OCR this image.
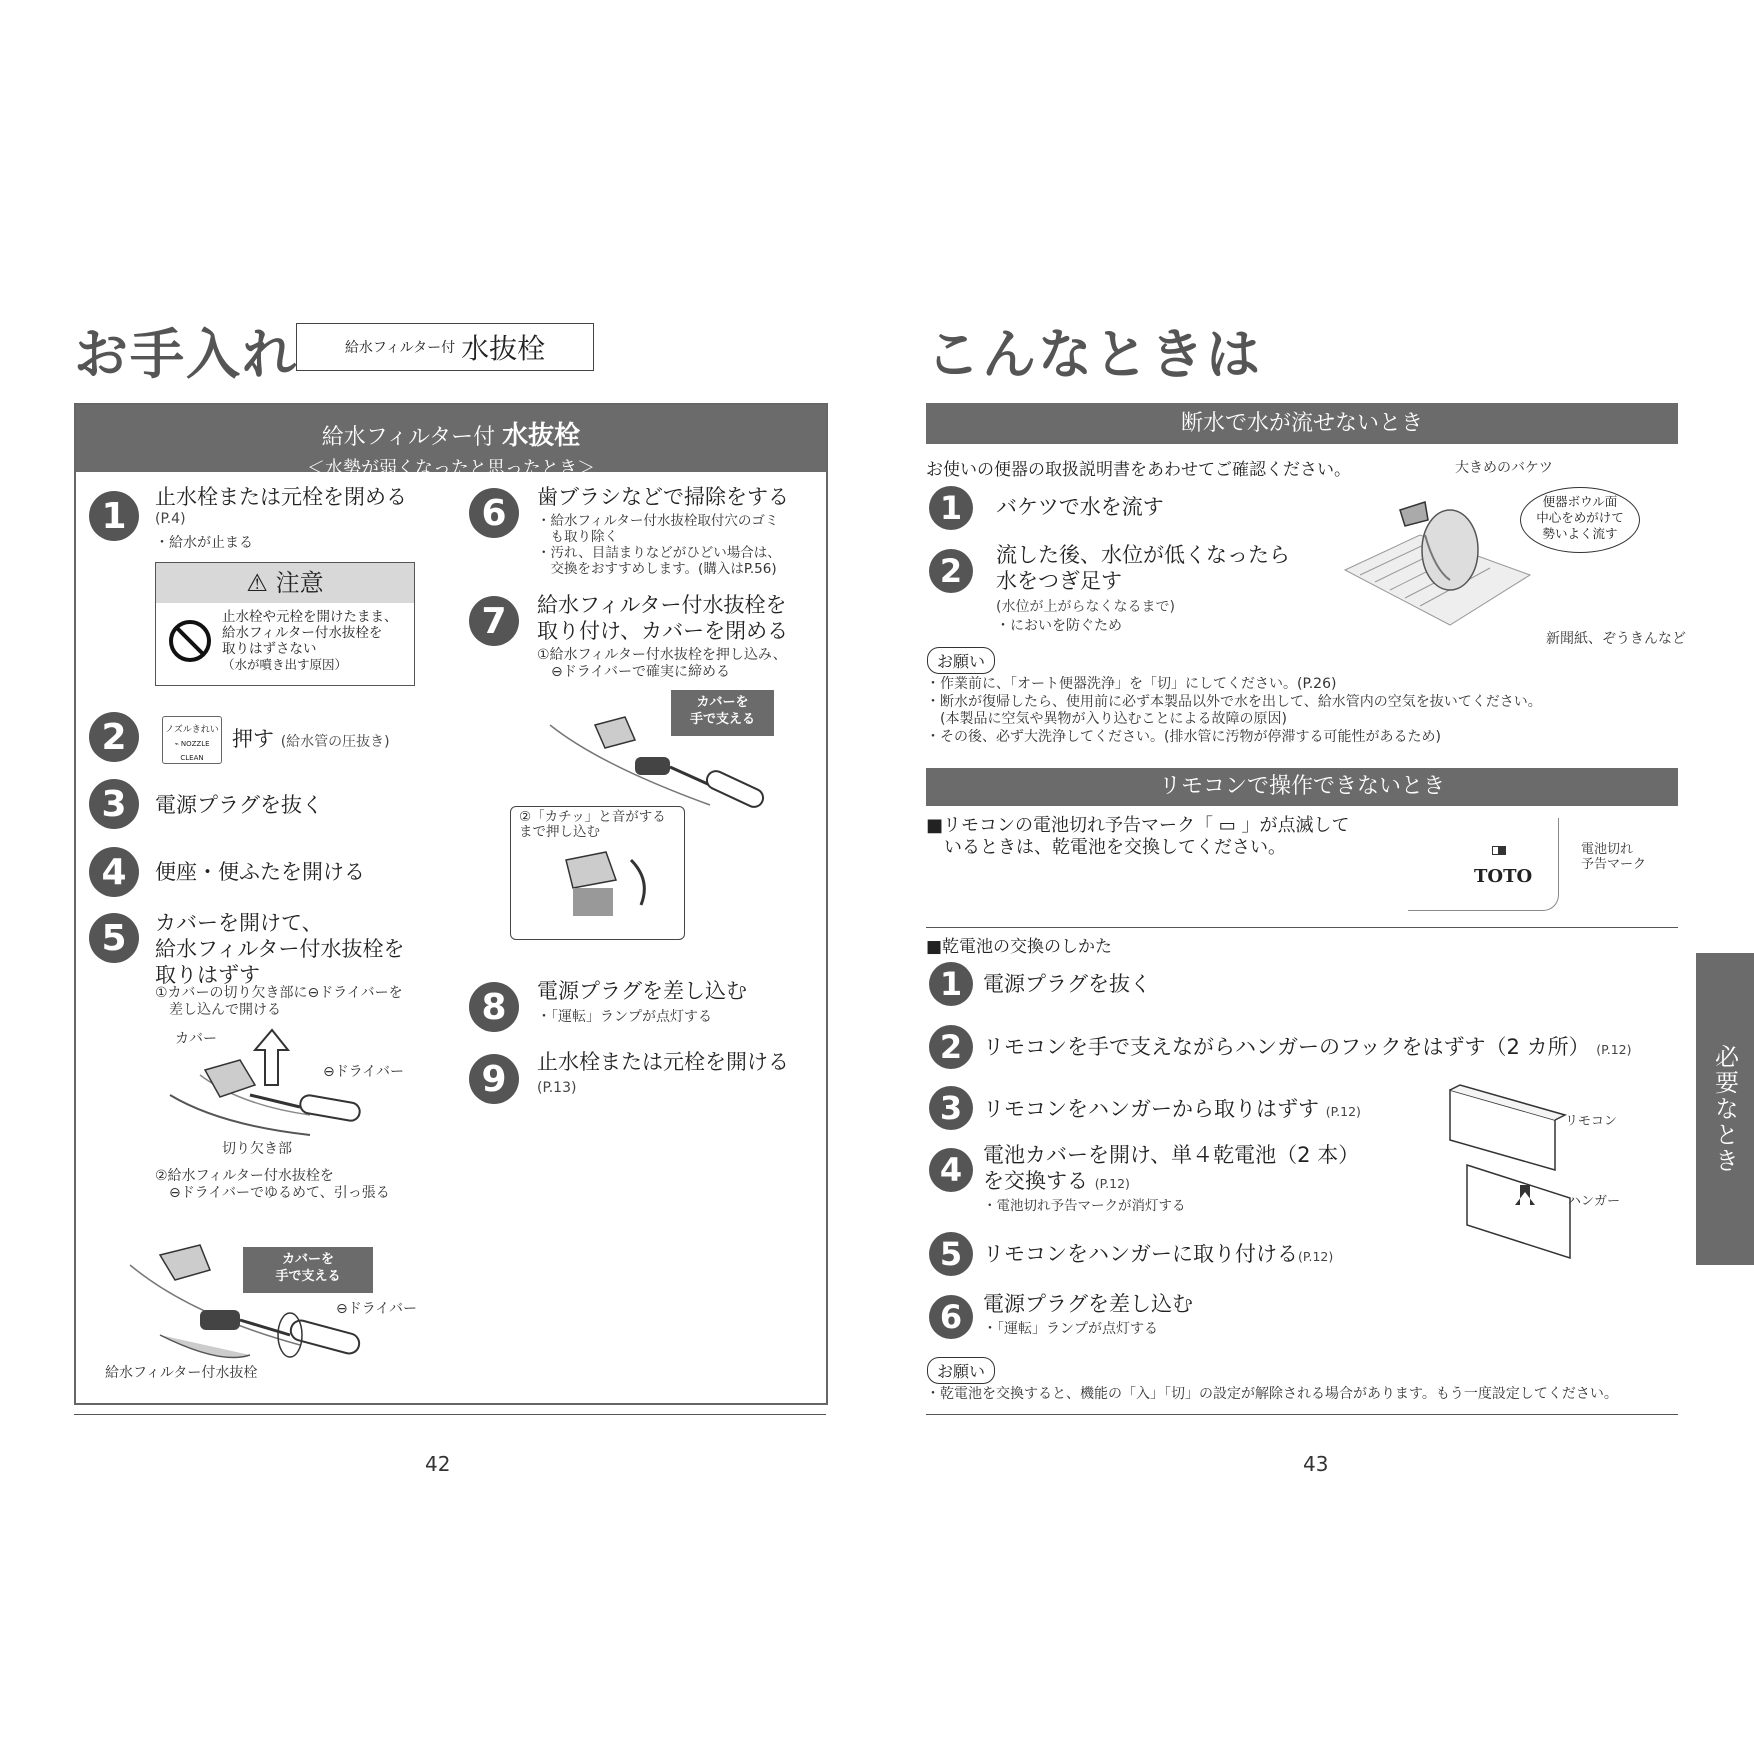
お手入れ	給水フィルター付 水抜栓
給水フィルター付 水抜栓
＜水勢が弱くなったと思ったとき＞
1	止水栓または元栓を閉める
(P.4)
・給水が止まる
⚠ 注意
止水栓や元栓を開けたまま、
給水フィルター付水抜栓を
取りはずさない
（水が噴き出す原因）
2	ノズルきれい
⌁ NOZZLE CLEAN
押す (給水管の圧抜き)
3	電源プラグを抜く
4	便座・便ふたを開ける
5	カバーを開けて、
給水フィルター付水抜栓を
取りはずす
①カバーの切り欠き部に⊖ドライバーを
　差し込んで開ける
カバー
⊖ドライバー
切り欠き部
②給水フィルター付水抜栓を
　⊖ドライバーでゆるめて、引っ張る
カバーを
手で支える
⊖ドライバー
給水フィルター付水抜栓
6	歯ブラシなどで掃除をする
・給水フィルター付水抜栓取付穴のゴミ
　も取り除く
・汚れ、目詰まりなどがひどい場合は、
　交換をおすすめします。(購入はP.56)
7	給水フィルター付水抜栓を
取り付け、カバーを閉める
①給水フィルター付水抜栓を押し込み、
　⊖ドライバーで確実に締める
カバーを
手で支える
②「カチッ」と音がする
まで押し込む
8	電源プラグを差し込む
・「運転」ランプが点灯する
9	止水栓または元栓を開ける
(P.13)
42
こんなときは
断水で水が流せないとき
お使いの便器の取扱説明書をあわせてご確認ください。
1	バケツで水を流す
2	流した後、水位が低くなったら
水をつぎ足す
(水位が上がらなくなるまで)
・においを防ぐため
大きめのバケツ
便器ボウル面
中心をめがけて
勢いよく流す
新聞紙、ぞうきんなど
お願い
・作業前に、「オート便器洗浄」を「切」にしてください。(P.26)
・断水が復帰したら、使用前に必ず本製品以外で水を出して、給水管内の空気を抜いてください。
　(本製品に空気や異物が入り込むことによる故障の原因)
・その後、必ず大洗浄してください。(排水管に汚物が停滞する可能性があるため)
リモコンで操作できないとき
■リモコンの電池切れ予告マーク「 ▭ 」が点滅して
　いるときは、乾電池を交換してください。
TOTO
電池切れ
予告マーク
■乾電池の交換のしかた
1 電源プラグを抜く
2 リモコンを手で支えながらハンガーのフックをはずす（2 カ所） (P.12)
3 リモコンをハンガーから取りはずす (P.12)
4 電池カバーを開け、単４乾電池（2 本）
を交換する (P.12)
・電池切れ予告マークが消灯する
5 リモコンをハンガーに取り付ける(P.12)
6 電源プラグを差し込む
・「運転」ランプが点灯する
リモコン
ハンガー
お願い
・乾電池を交換すると、機能の「入」「切」の設定が解除される場合があります。もう一度設定してください。
43
必要なとき
